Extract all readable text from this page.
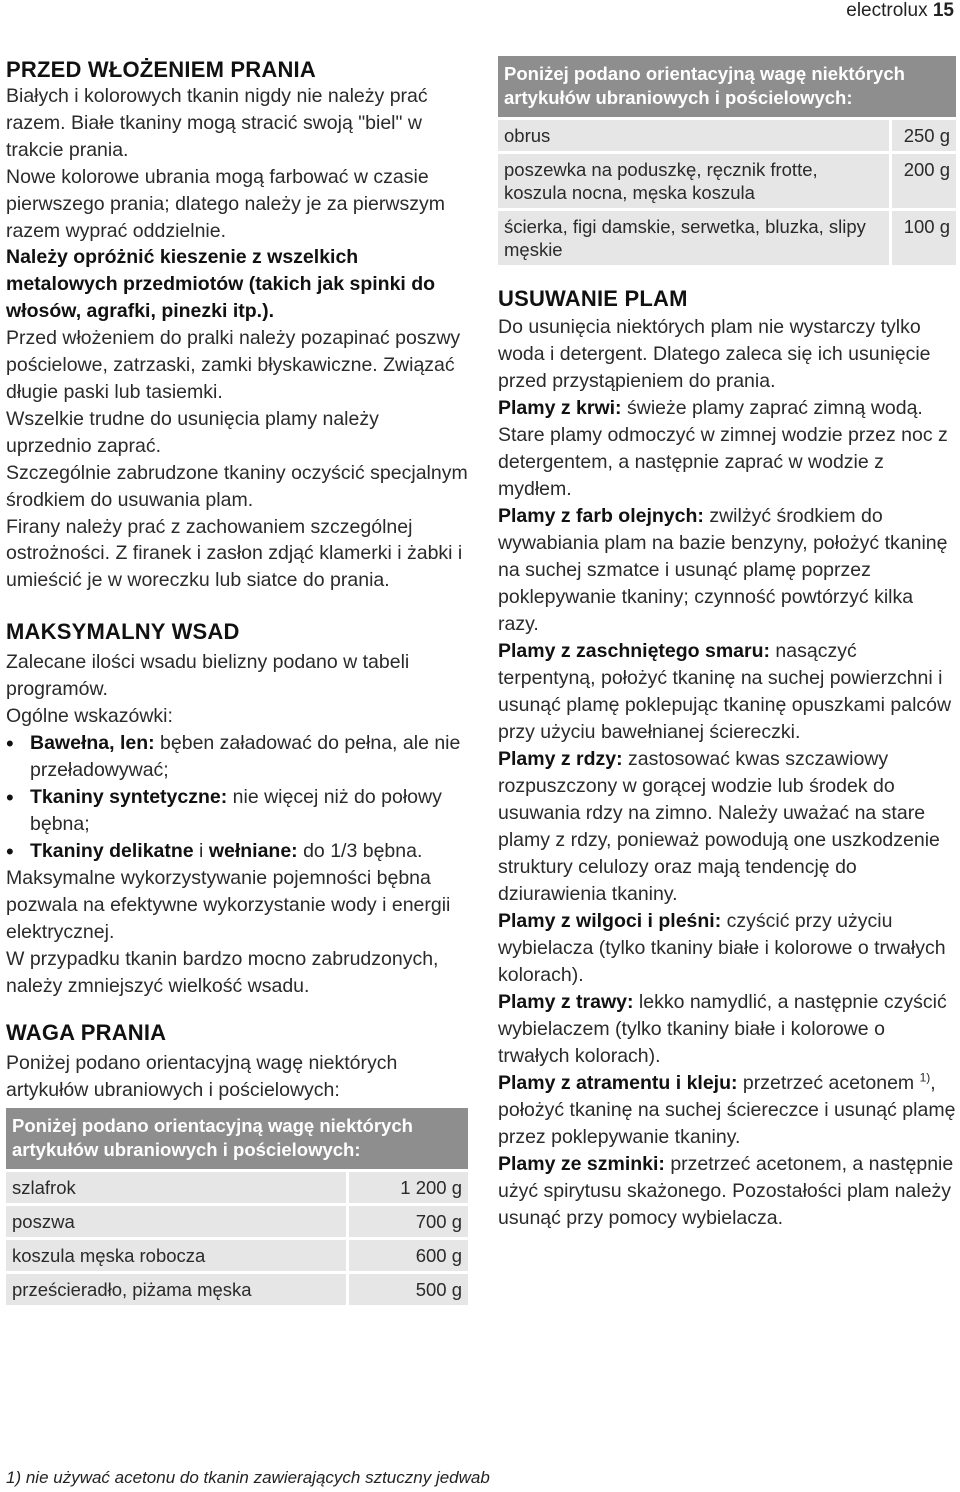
electrolux 15
PRZED WŁOŻENIEM PRANIA

Białych i kolorowych tkanin nigdy nie należy prać razem. Białe tkaniny mogą stracić swoją "biel" w trakcie prania.

Nowe kolorowe ubrania mogą farbować w czasie pierwszego prania; dlatego należy je za pierwszym razem wyprać oddzielnie.

Należy opróżnić kieszenie z wszelkich metalowych przedmiotów (takich jak spinki do włosów, agrafki, pinezki itp.).

Przed włożeniem do pralki należy pozapinać poszwy pościelowe, zatrzaski, zamki błyskawiczne. Związać długie paski lub tasiemki.

Wszelkie trudne do usunięcia plamy należy uprzednio zaprać.

Szczególnie zabrudzone tkaniny oczyścić specjalnym środkiem do usuwania plam.

Firany należy prać z zachowaniem szczególnej ostrożności. Z firanek i zasłon zdjąć klamerki i żabki i umieścić je w woreczku lub siatce do prania.

MAKSYMALNY WSAD

Zalecane ilości wsadu bielizny podano w tabeli programów.

Ogólne wskazówki:

• Bawełna, len: bęben załadować do pełna, ale nie przeładowywać;
• Tkaniny syntetyczne: nie więcej niż do połowy bębna;
• Tkaniny delikatne i wełniane: do 1/3 bębna.

Maksymalne wykorzystywanie pojemności bębna pozwala na efektywne wykorzystanie wody i energii elektrycznej.

W przypadku tkanin bardzo mocno zabrudzonych, należy zmniejszyć wielkość wsadu.

WAGA PRANIA

Poniżej podano orientacyjną wagę niektórych artykułów ubraniowych i pościelowych:

Poniżej podano orientacyjną wagę niektórych artykułów ubraniowych i pościelowych:	
szlafrok	1 200 g
poszwa	700 g
koszula męska robocza	600 g
prześcieradło, piżama męska	500 g
Poniżej podano orientacyjną wagę niektórych artykułów ubraniowych i pościelowych:	
obrus	250 g
poszewka na poduszkę, ręcznik frotte, koszula nocna, męska koszula	200 g
ścierka, figi damskie, serwetka, bluzka, slipy męskie	100 g
USUWANIE PLAM

Do usunięcia niektórych plam nie wystarczy tylko woda i detergent. Dlatego zaleca się ich usunięcie przed przystąpieniem do prania.

Plamy z krwi: świeże plamy zaprać zimną wodą. Stare plamy odmoczyć w zimnej wodzie przez noc z detergentem, a następnie zaprać w wodzie z mydłem.

Plamy z farb olejnych: zwilżyć środkiem do wywabiania plam na bazie benzyny, położyć tkaninę na suchej szmatce i usunąć plamę poprzez poklepywanie tkaniny; czynność powtórzyć kilka razy.

Plamy z zaschniętego smaru: nasączyć terpentyną, położyć tkaninę na suchej powierzchni i usunąć plamę poklepując tkaninę opuszkami palców przy użyciu bawełnianej ściereczki.

Plamy z rdzy: zastosować kwas szczawiowy rozpuszczony w gorącej wodzie lub środek do usuwania rdzy na zimno. Należy uważać na stare plamy z rdzy, ponieważ powodują one uszkodzenie struktury celulozy oraz mają tendencję do dziurawienia tkaniny.

Plamy z wilgoci i pleśni: czyścić przy użyciu wybielacza (tylko tkaniny białe i kolorowe o trwałych kolorach).

Plamy z trawy: lekko namydlić, a następnie czyścić wybielaczem (tylko tkaniny białe i kolorowe o trwałych kolorach).

Plamy z atramentu i kleju: przetrzeć acetonem $^{1)}$, położyć tkaninę na suchej ściereczce i usunąć plamę przez poklepywanie tkaniny.

Plamy ze szminki: przetrzeć acetonem, a następnie użyć spirytusu skażonego. Pozostałości plam należy usunąć przy pomocy wybielacza.

1) nie używać acetonu do tkanin zawierających sztuczny jedwab
